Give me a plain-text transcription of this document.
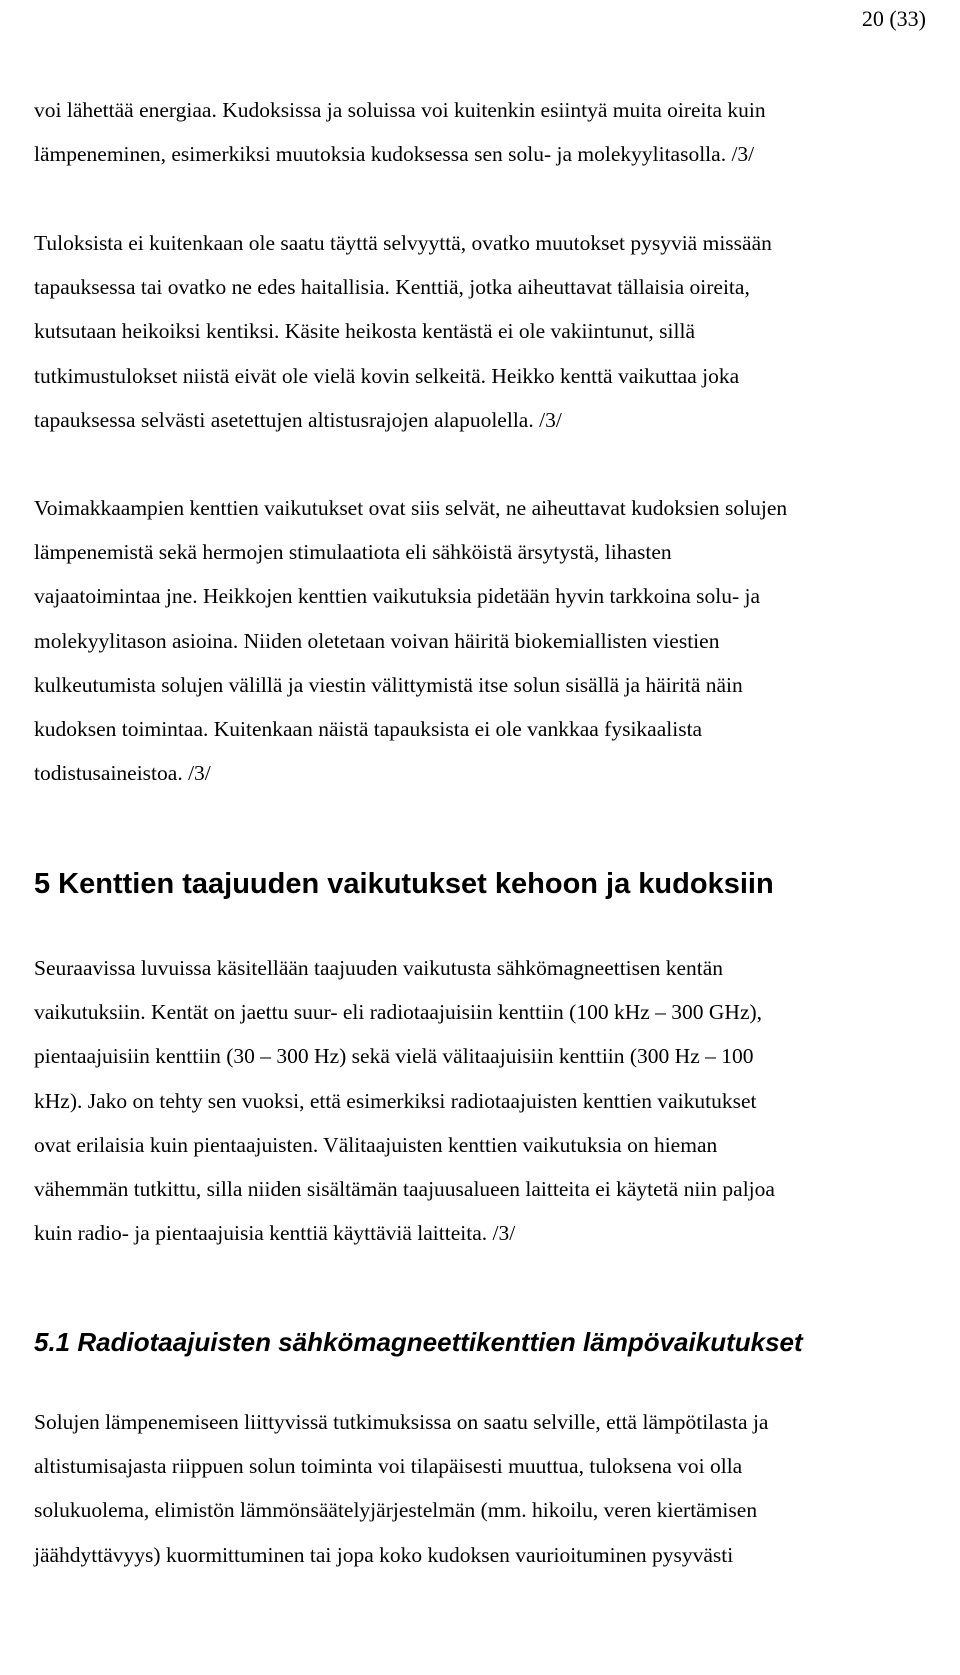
20 (33)
voi lähettää energiaa. Kudoksissa ja soluissa voi kuitenkin esiintyä muita oireita kuin
lämpeneminen, esimerkiksi muutoksia kudoksessa sen solu- ja molekyylitasolla. /3/
Tuloksista ei kuitenkaan ole saatu täyttä selvyyttä, ovatko muutokset pysyviä missään
tapauksessa tai ovatko ne edes haitallisia. Kenttiä, jotka aiheuttavat tällaisia oireita,
kutsutaan heikoiksi kentiksi. Käsite heikosta kentästä ei ole vakiintunut, sillä
tutkimustulokset niistä eivät ole vielä kovin selkeitä. Heikko kenttä vaikuttaa joka
tapauksessa selvästi asetettujen altistusrajojen alapuolella. /3/
Voimakkaampien kenttien vaikutukset ovat siis selvät, ne aiheuttavat kudoksien solujen
lämpenemistä sekä hermojen stimulaatiota eli sähköistä ärsytystä, lihasten
vajaatoimintaa jne. Heikkojen kenttien vaikutuksia pidetään hyvin tarkkoina solu- ja
molekyylitason asioina. Niiden oletetaan voivan häiritä biokemiallisten viestien
kulkeutumista solujen välillä ja viestin välittymistä itse solun sisällä ja häiritä näin
kudoksen toimintaa. Kuitenkaan näistä tapauksista ei ole vankkaa fysikaalista
todistusaineistoa. /3/
5 Kenttien taajuuden vaikutukset kehoon ja kudoksiin
Seuraavissa luvuissa käsitellään taajuuden vaikutusta sähkömagneettisen kentän
vaikutuksiin. Kentät on jaettu suur- eli radiotaajuisiin kenttiin (100 kHz – 300 GHz),
pientaajuisiin kenttiin (30 – 300 Hz) sekä vielä välitaajuisiin kenttiin (300 Hz – 100
kHz). Jako on tehty sen vuoksi, että esimerkiksi radiotaajuisten kenttien vaikutukset
ovat erilaisia kuin pientaajuisten. Välitaajuisten kenttien vaikutuksia on hieman
vähemmän tutkittu, silla niiden sisältämän taajuusalueen laitteita ei käytetä niin paljoa
kuin radio- ja pientaajuisia kenttiä käyttäviä laitteita. /3/
5.1 Radiotaajuisten sähkömagneettikenttien lämpövaikutukset
Solujen lämpenemiseen liittyvissä tutkimuksissa on saatu selville, että lämpötilasta ja
altistumisajasta riippuen solun toiminta voi tilapäisesti muuttua, tuloksena voi olla
solukuolema, elimistön lämmönsäätelyjärjestelmän (mm. hikoilu, veren kiertämisen
jäähdyttävyys) kuormittuminen tai jopa koko kudoksen vaurioituminen pysyvästi
